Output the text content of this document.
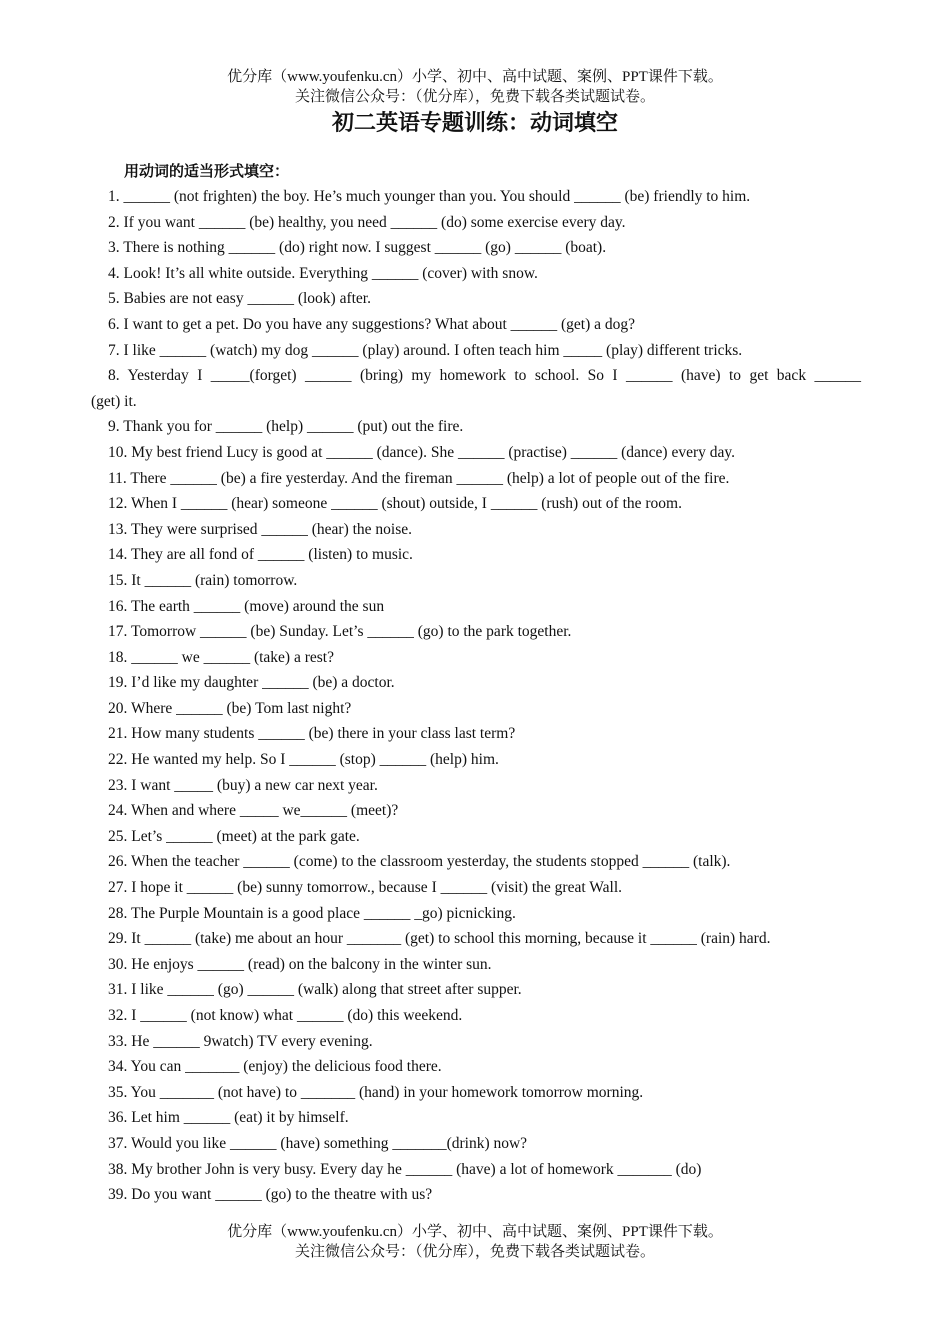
优分库（www.youfenku.cn）小学、初中、高中试题、案例、PPT课件下载。
关注微信公众号：（优分库），免费下载各类试题试卷。
初二英语专题训练：动词填空
用动词的适当形式填空：
1. ______ (not frighten) the boy. He’s much younger than you. You should ______ (be) friendly to him.
2. If you want ______ (be) healthy, you need ______ (do) some exercise every day.
3. There is nothing ______ (do) right now. I suggest ______ (go) ______ (boat).
4. Look! It’s all white outside. Everything ______ (cover) with snow.
5. Babies are not easy ______ (look) after.
6. I want to get a pet. Do you have any suggestions? What about ______ (get) a dog?
7. I like ______ (watch) my dog ______ (play) around. I often teach him _____ (play) different tricks.
8. Yesterday I _____(forget) ______ (bring) my homework to school. So I ______ (have) to get back ______
(get) it.
9. Thank you for ______ (help) ______ (put) out the fire.
10. My best friend Lucy is good at ______ (dance). She ______ (practise) ______ (dance) every day.
11. There ______ (be) a fire yesterday. And the fireman ______ (help) a lot of people out of the fire.
12. When I ______ (hear) someone ______ (shout) outside, I ______ (rush) out of the room.
13. They were surprised ______ (hear) the noise.
14. They are all fond of ______ (listen) to music.
15. It ______ (rain) tomorrow.
16. The earth ______ (move) around the sun
17. Tomorrow ______ (be) Sunday. Let’s ______ (go) to the park together.
18. ______ we ______ (take) a rest?
19. I’d like my daughter ______ (be) a doctor.
20. Where ______ (be) Tom last night?
21. How many students ______ (be) there in your class last term?
22. He wanted my help. So I ______ (stop) ______ (help) him.
23. I want _____ (buy) a new car next year.
24. When and where _____ we______ (meet)?
25. Let’s ______ (meet) at the park gate.
26. When the teacher ______ (come) to the classroom yesterday, the students stopped ______ (talk).
27. I hope it ______ (be) sunny tomorrow., because I ______ (visit) the great Wall.
28. The Purple Mountain is a good place ______ _go) picnicking.
29. It ______ (take) me about an hour _______ (get) to school this morning, because it ______ (rain) hard.
30. He enjoys ______ (read) on the balcony in the winter sun.
31. I like ______ (go) ______ (walk) along that street after supper.
32. I ______ (not know) what ______ (do) this weekend.
33. He ______ 9watch) TV every evening.
34. You can _______ (enjoy) the delicious food there.
35. You _______ (not have) to _______ (hand) in your homework tomorrow morning.
36. Let him ______ (eat) it by himself.
37. Would you like ______ (have) something _______(drink) now?
38. My brother John is very busy. Every day he ______ (have) a lot of homework _______ (do)
39. Do you want ______ (go) to the theatre with us?
优分库（www.youfenku.cn）小学、初中、高中试题、案例、PPT课件下载。
关注微信公众号：（优分库），免费下载各类试题试卷。
